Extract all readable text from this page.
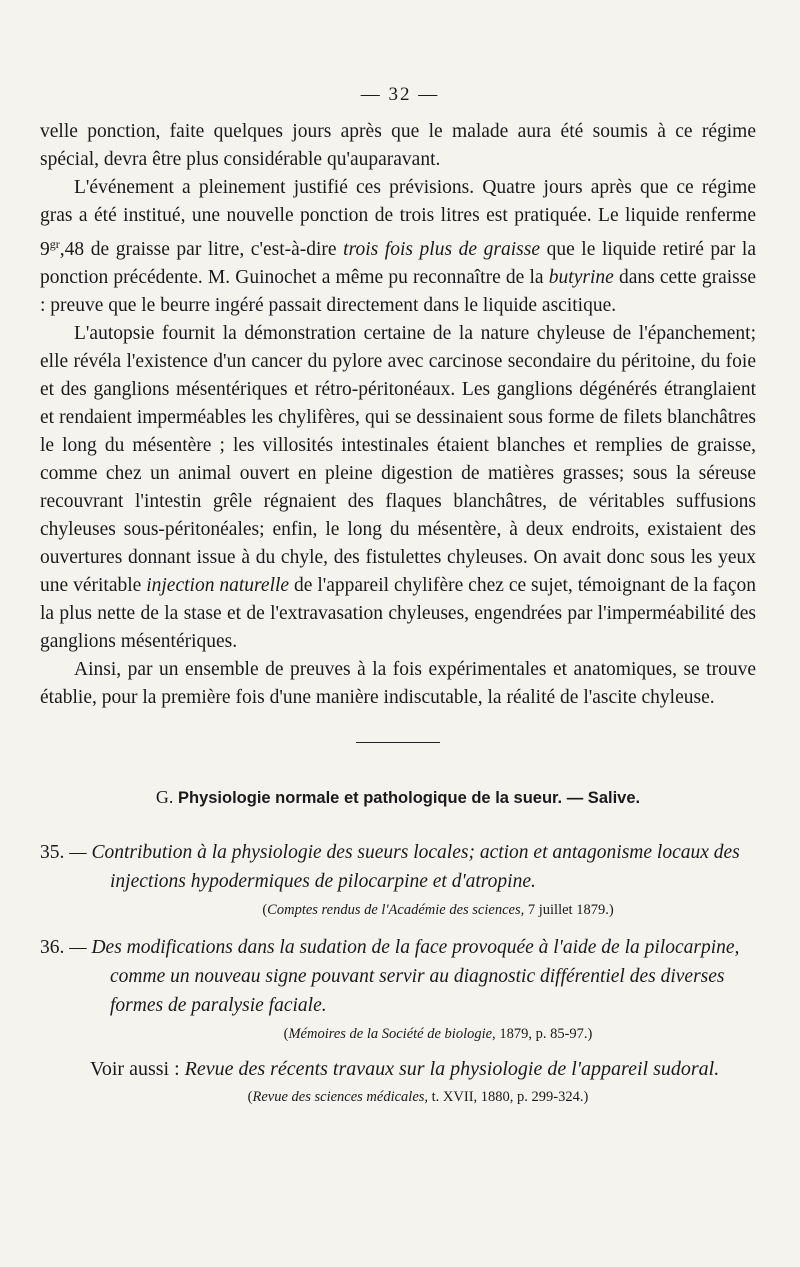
— 32 —

velle ponction, faite quelques jours après que le malade aura été soumis à ce régime spécial, devra être plus considérable qu'auparavant.

L'événement a pleinement justifié ces prévisions. Quatre jours après que ce régime gras a été institué, une nouvelle ponction de trois litres est pratiquée. Le liquide renferme $9^{gr},48$ de graisse par litre, c'est-à-dire trois fois plus de graisse que le liquide retiré par la ponction précédente. M. Guinochet a même pu reconnaître de la butyrine dans cette graisse : preuve que le beurre ingéré passait directement dans le liquide ascitique.

L'autopsie fournit la démonstration certaine de la nature chyleuse de l'épanchement; elle révéla l'existence d'un cancer du pylore avec carcinose secondaire du péritoine, du foie et des ganglions mésentériques et rétro-péritonéaux. Les ganglions dégénérés étranglaient et rendaient imperméables les chylifères, qui se dessinaient sous forme de filets blanchâtres le long du mésentère ; les villosités intestinales étaient blanches et remplies de graisse, comme chez un animal ouvert en pleine digestion de matières grasses; sous la séreuse recouvrant l'intestin grêle régnaient des flaques blanchâtres, de véritables suffusions chyleuses sous-péritonéales; enfin, le long du mésentère, à deux endroits, existaient des ouvertures donnant issue à du chyle, des fistulettes chyleuses. On avait donc sous les yeux une véritable injection naturelle de l'appareil chylifère chez ce sujet, témoignant de la façon la plus nette de la stase et de l'extravasation chyleuses, engendrées par l'imperméabilité des ganglions mésentériques.

Ainsi, par un ensemble de preuves à la fois expérimentales et anatomiques, se trouve établie, pour la première fois d'une manière indiscutable, la réalité de l'ascite chyleuse.

G. Physiologie normale et pathologique de la sueur. — Salive.

35. — Contribution à la physiologie des sueurs locales; action et antagonisme locaux des injections hypodermiques de pilocarpine et d'atropine.

(Comptes rendus de l'Académie des sciences, 7 juillet 1879.)

36. — Des modifications dans la sudation de la face provoquée à l'aide de la pilocarpine, comme un nouveau signe pouvant servir au diagnostic différentiel des diverses formes de paralysie faciale.

(Mémoires de la Société de biologie, 1879, p. 85-97.)
Voir aussi : Revue des récents travaux sur la physiologie de l'appareil sudoral.
(Revue des sciences médicales, t. XVII, 1880, p. 299-324.)
